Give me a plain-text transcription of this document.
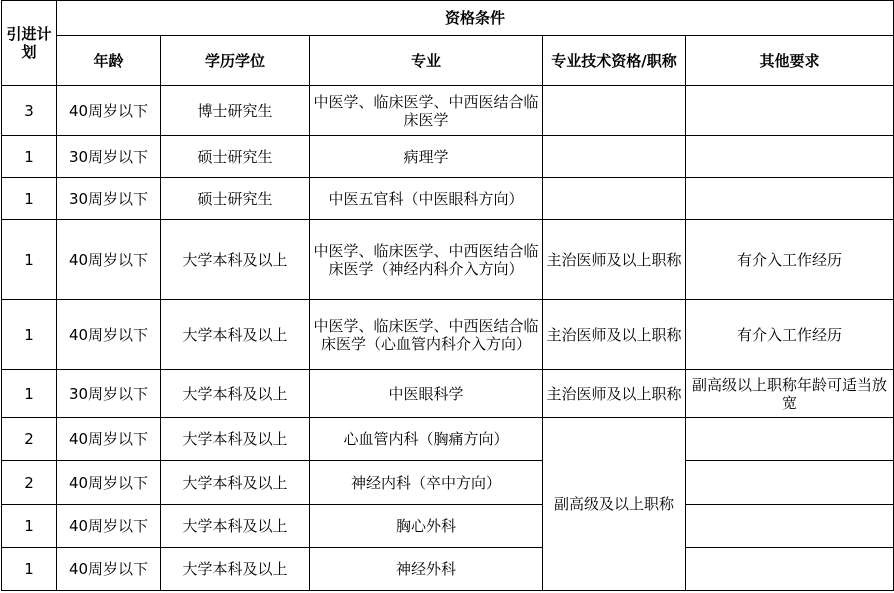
引进计划	资格条件				
	年龄	学历学位	专业	专业技术资格/职称	其他要求
3	40周岁以下	博士研究生	中医学、临床医学、中西医结合临床医学		
1	30周岁以下	硕士研究生	病理学		
1	30周岁以下	硕士研究生	中医五官科（中医眼科方向）		
1	40周岁以下	大学本科及以上	中医学、临床医学、中西医结合临床医学（神经内科介入方向）	主治医师及以上职称	有介入工作经历
1	40周岁以下	大学本科及以上	中医学、临床医学、中西医结合临床医学（心血管内科介入方向）	主治医师及以上职称	有介入工作经历
1	30周岁以下	大学本科及以上	中医眼科学	主治医师及以上职称	副高级以上职称年龄可适当放宽
2	40周岁以下	大学本科及以上	心血管内科（胸痛方向）	副高级及以上职称	
2	40周岁以下	大学本科及以上	神经内科（卒中方向）		
1	40周岁以下	大学本科及以上	胸心外科		
1	40周岁以下	大学本科及以上	神经外科		
